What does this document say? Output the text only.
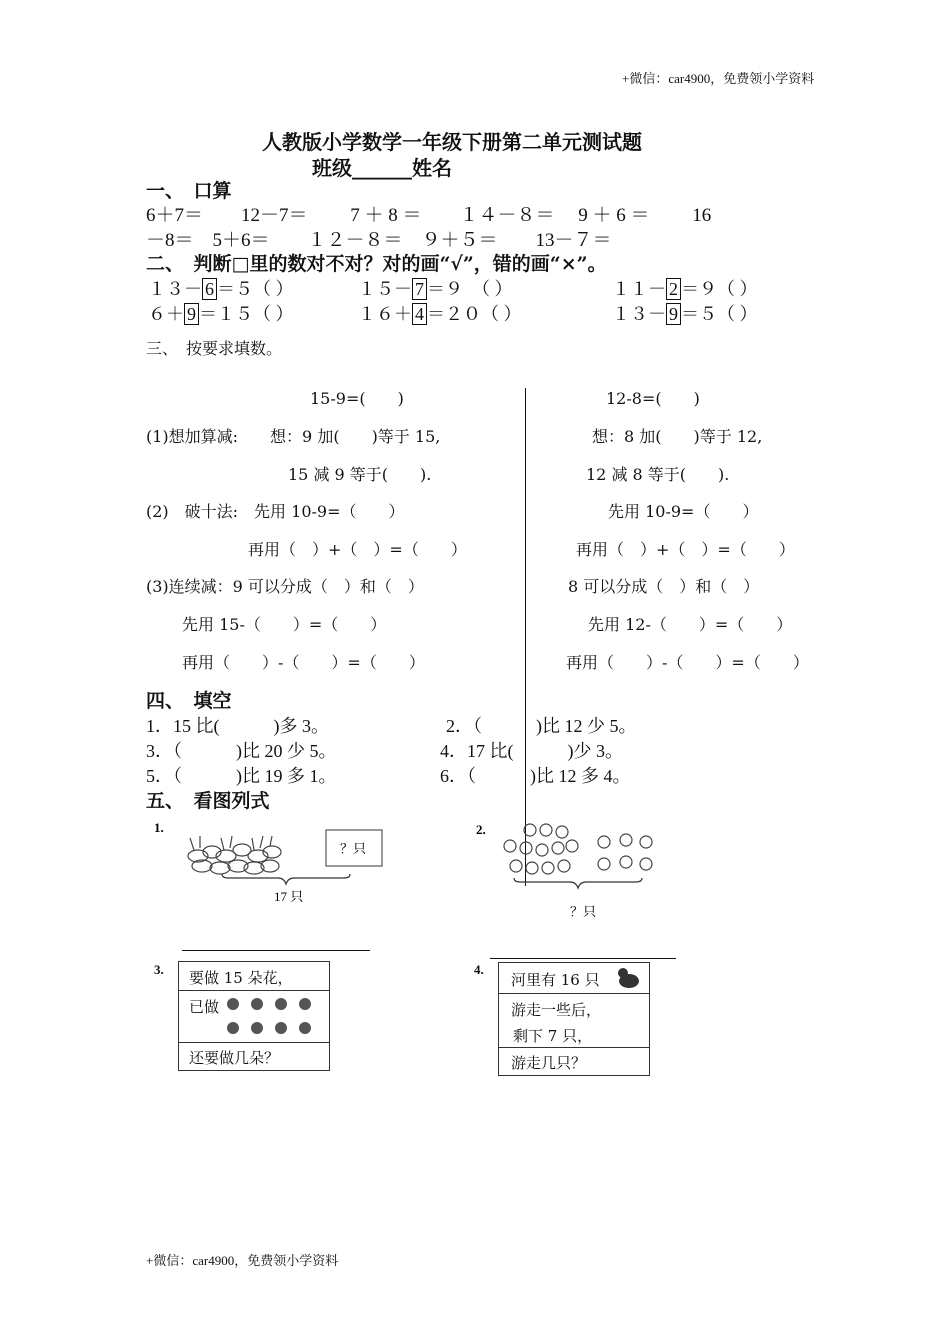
+微信：car4900，免费领小学资料
人教版小学数学一年级下册第二单元测试题
班级______姓名
一、　口算
6＋7＝　　12－7＝　　 7 ＋ 8 ＝　　１４－８＝　 9 ＋ 6 ＝　　 16
－8＝　5＋6＝　　１２－８＝　９＋５＝　　13－７＝
二、　判断□里的数对不对？对的画“√”，错的画“×”。
１３－ 6 ＝５（ ）	１５－ 7 ＝９　（ ）	１１－ 2 ＝９（ ）
６＋ 9 ＝１５（ ）	１６＋ 4 ＝２０（ ）	１３－ 9 ＝５（ ）
三、　按要求填数。
15-9=(　　)	12-8=(　　)
(1)想加算减:　　想：9 加(　　)等于 15,	想：8 加(　　)等于 12,
15 减 9 等于(　　).	12 减 8 等于(　　).
(2)　破十法:　先用 10-9=（　　）	先用 10-9=（　　）
再用（　）+（　）=（　　）	再用（　）+（　）=（　　）
(3)连续减：9 可以分成（　）和（　）	8 可以分成（　）和（　）
先用 15-（　　）=（　　）	先用 12-（　　）=（　　）
再用（　　）-（　　）=（　　）	再用（　　）-（　　）=（　　）
四、　填空
1．15 比(　　　)多 3。	2．（　　　)比 12 少 5。
3．（　　　)比 20 少 5。	4．17 比(　　　)少 3。
5．（　　　)比 19 多 1。	6．（　　　)比 12 多 4。
五、　看图列式
1.
？只
17 只
2.
？只
3. 要做 15 朵花，
已做
还要做几朵？
4.
河里有 16 只
游走一些后，
剩下 7 只，
游走几只？
+微信：car4900，免费领小学资料
